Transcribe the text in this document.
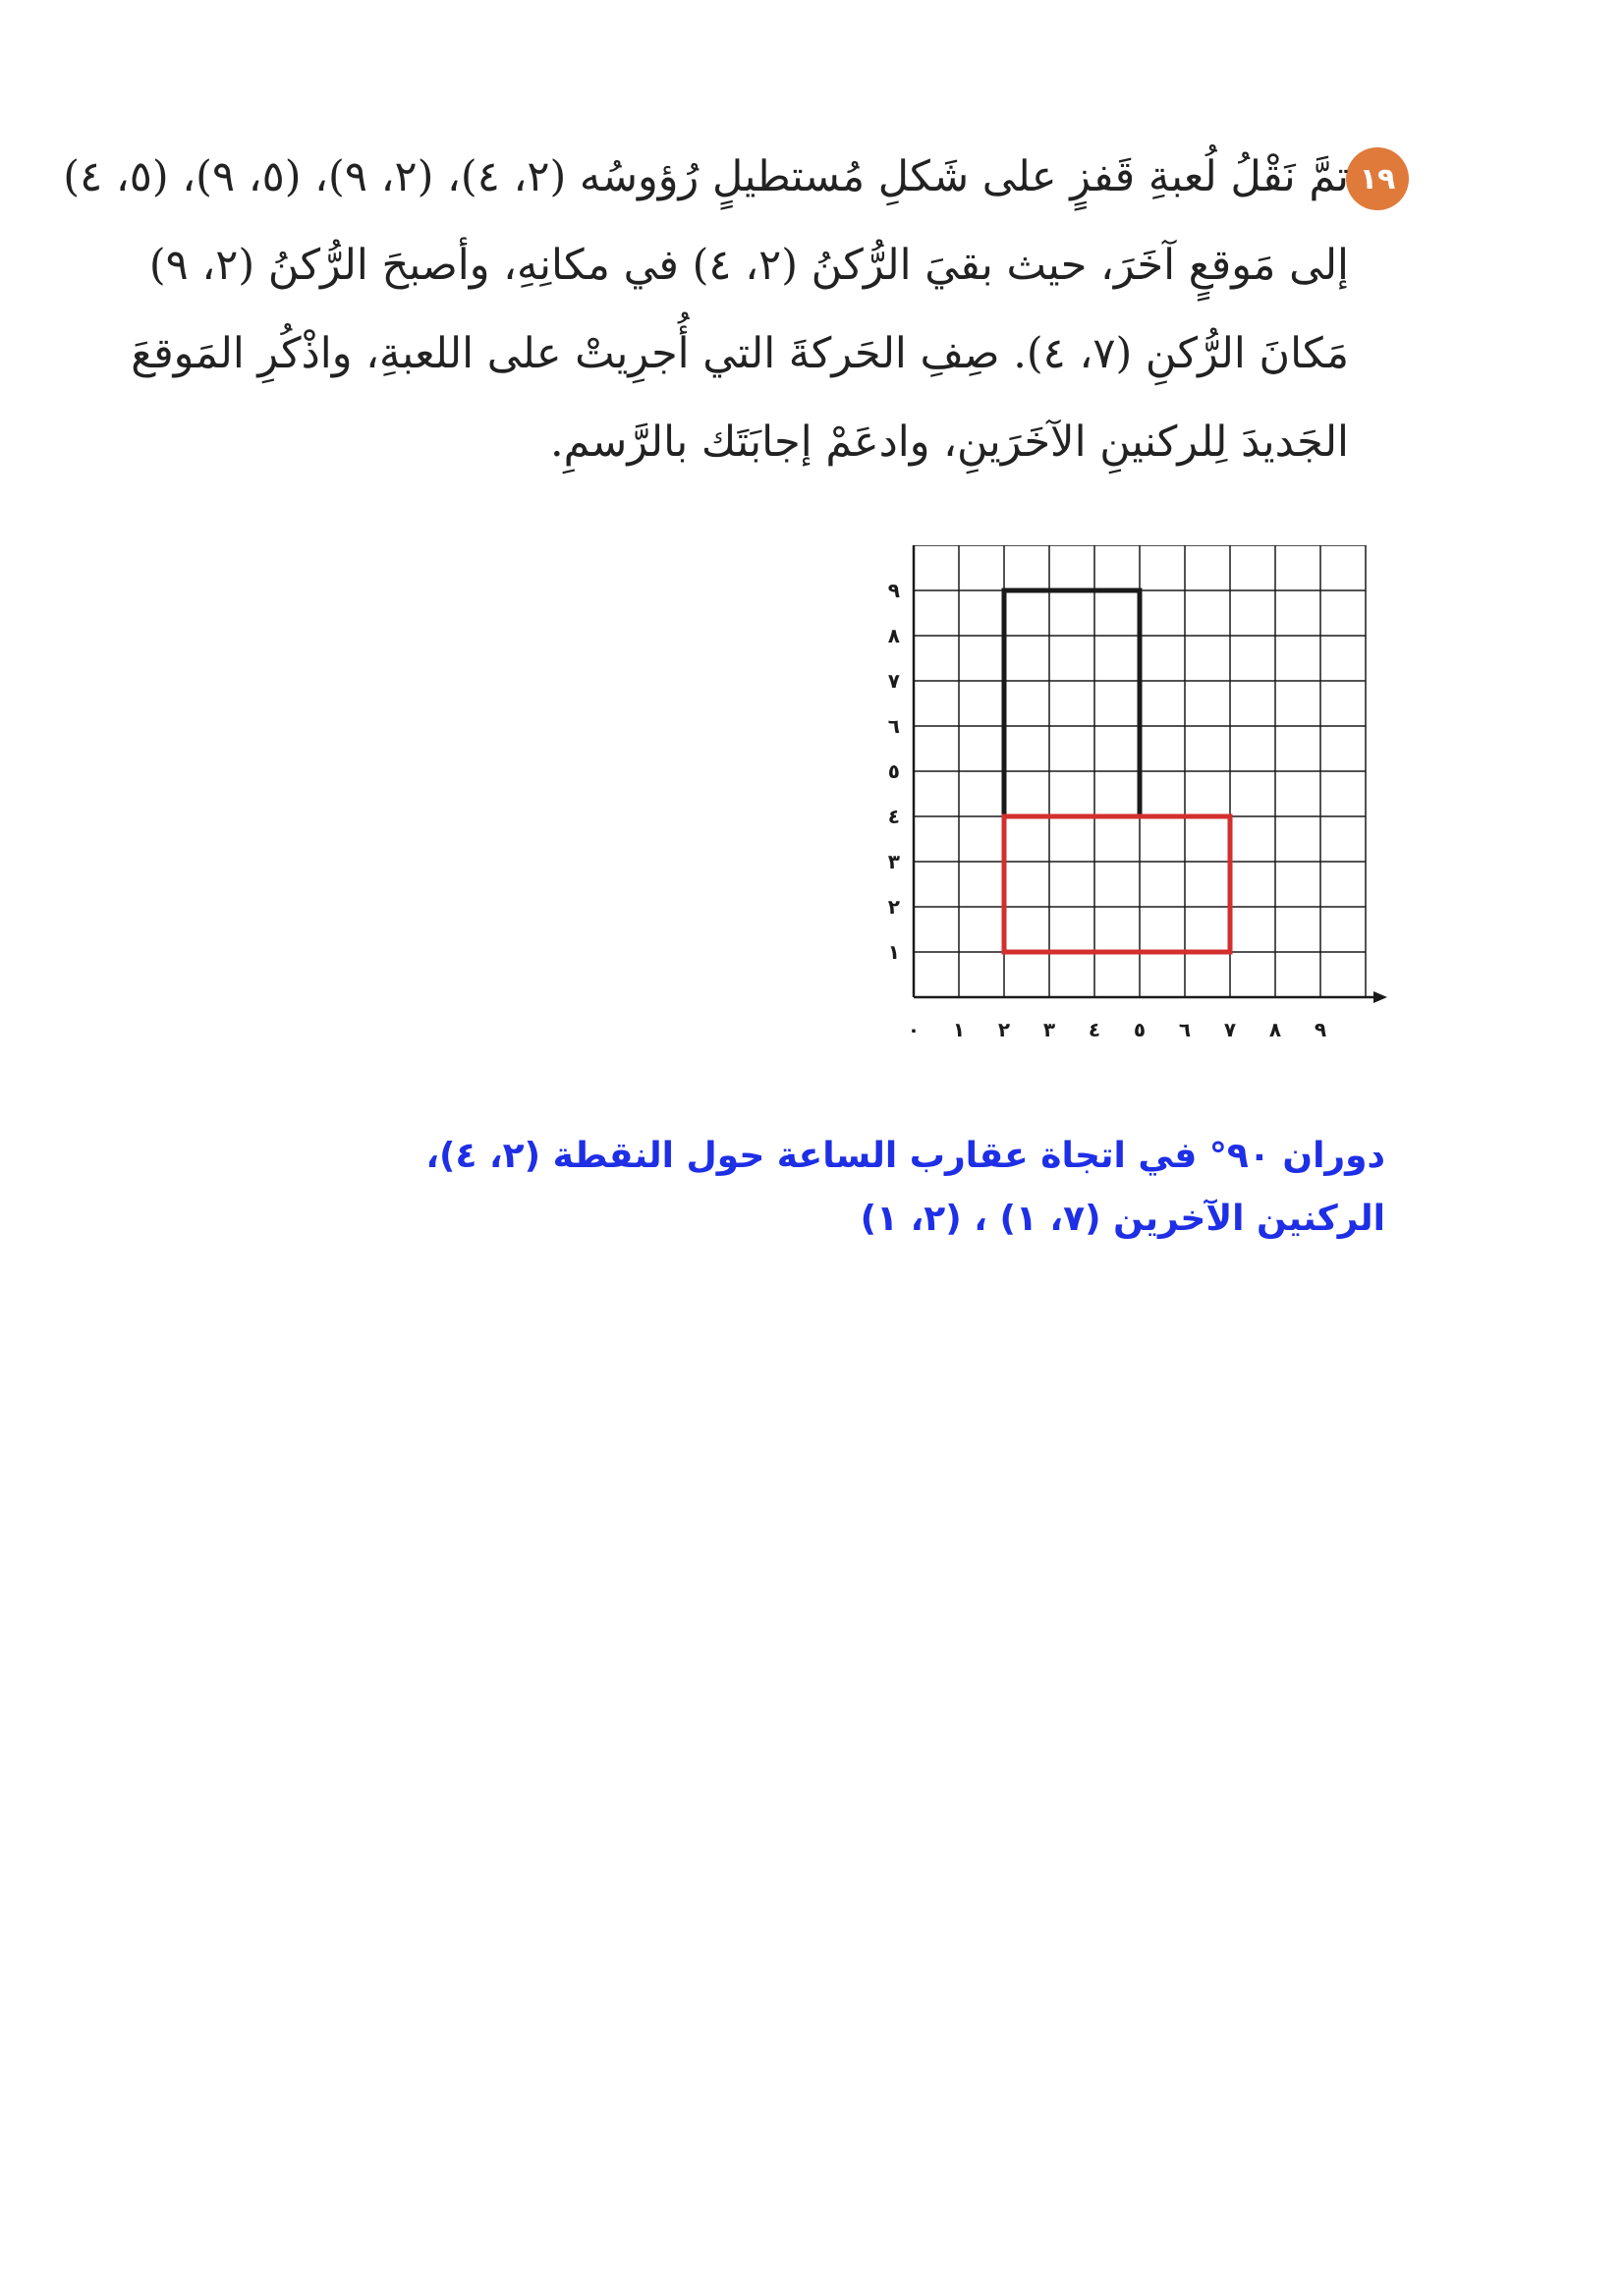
١٩
تمَّ نَقْلُ لُعبةِ قَفزٍ على شَكلِ مُستطيلٍ رُؤوسُه (٢، ٤)، (٢، ٩)، (٥، ٩)، (٥، ٤)
إلى مَوقعٍ آخَرَ، حيث بقيَ الرُّكنُ (٢، ٤) في مكانِهِ، وأصبحَ الرُّكنُ (٢، ٩)
مَكانَ الرُّكنِ (٧، ٤). صِفِ الحَركةَ التي أُجرِيتْ على اللعبةِ، واذْكُرِ المَوقعَ
الجَديدَ لِلركنينِ الآخَرَينِ، وادعَمْ إجابَتَك بالرَّسمِ.
٠ ١ ٢ ٣ ٤ ٥ ٦ ٧ ٨ ٩
١
٢
٣
٤
٥
٦
٧
٨
٩
دوران ٩٠° في اتجاة عقارب الساعة حول النقطة (٢، ٤)،
الركنين الآخرين (٧، ١) ، (٢، ١)
